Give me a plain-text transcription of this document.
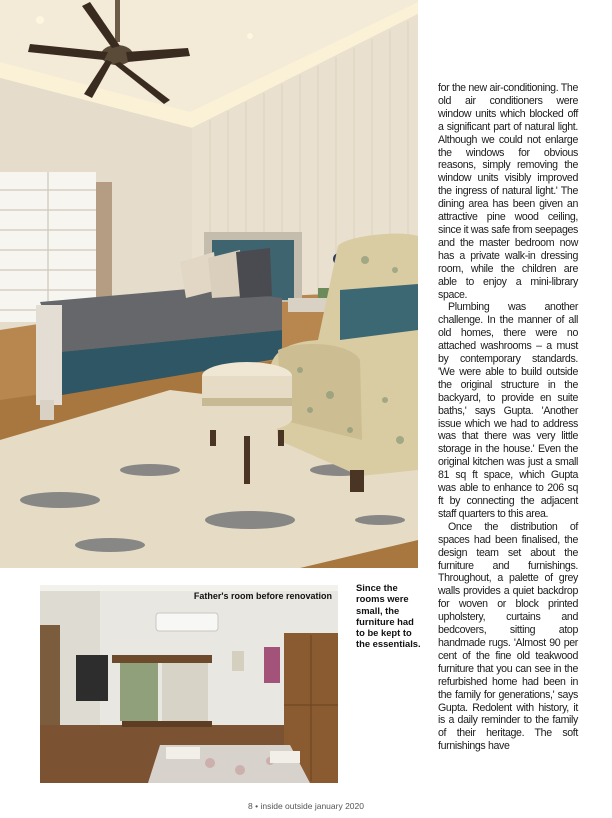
for the new air-conditioning. The old air conditioners were window units which blocked off a significant part of natural light. Although we could not enlarge the windows for obvious reasons, simply removing the window units visibly improved the ingress of natural light.' The dining area has been given an attractive pine wood ceiling, since it was safe from seepages and the master bedroom now has a private walk-in dressing room, while the children are able to enjoy a mini-library space.

Plumbing was another challenge. In the manner of all old homes, there were no attached washrooms – a must by contemporary standards. 'We were able to build outside the original structure in the backyard, to provide en suite baths,' says Gupta. 'Another issue which we had to address was that there was very little storage in the house.' Even the original kitchen was just a small 81 sq ft space, which Gupta was able to enhance to 206 sq ft by connecting the adjacent staff quarters to this area.

Once the distribution of spaces had been finalised, the design team set about the furniture and furnishings. Throughout, a palette of grey walls provides a quiet backdrop for woven or block printed upholstery, curtains and bedcovers, sitting atop handmade rugs. 'Almost 90 per cent of the fine old teakwood furniture that you can see in the refurbished home had been in the family for generations,' says Gupta. Redolent with history, it is a daily reminder to the family of their heritage. The soft furnishings have

Father's room before renovation
Since the rooms were small, the furniture had to be kept to the essentials.
8 • inside outside january 2020
